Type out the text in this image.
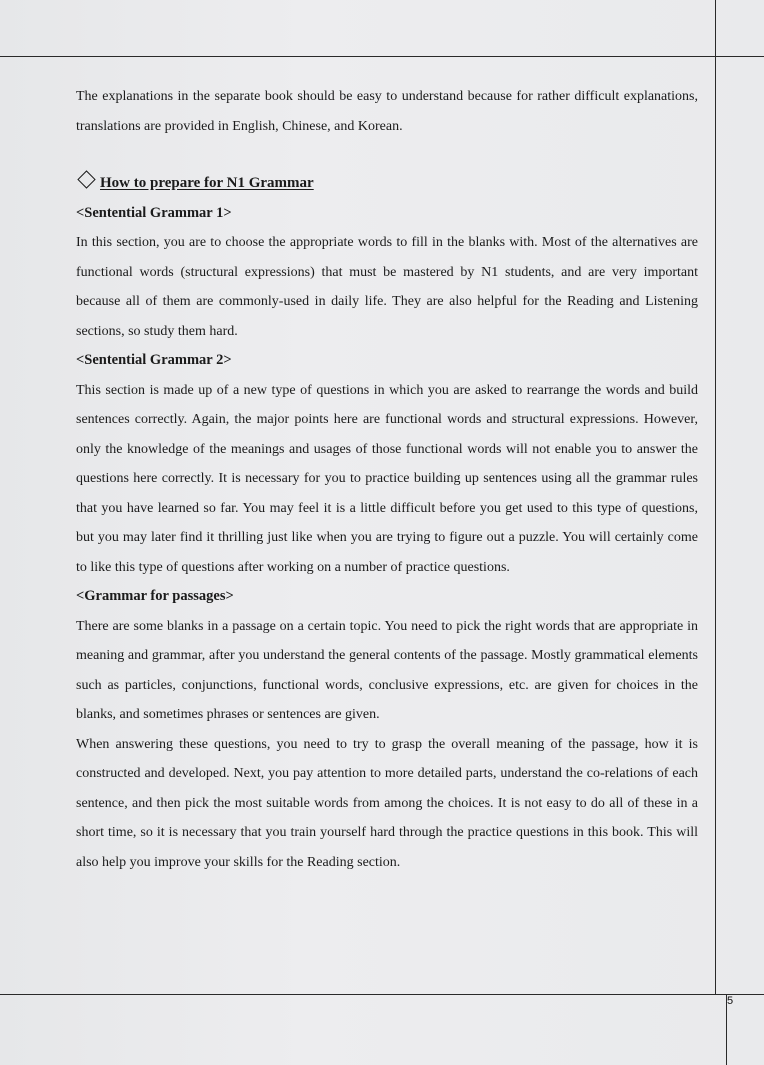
5

The explanations in the separate book should be easy to understand because for rather difficult explanations, translations are provided in English, Chinese, and Korean.

How to prepare for N1 Grammar
<Sentential Grammar 1>

In this section, you are to choose the appropriate words to fill in the blanks with. Most of the alternatives are functional words (structural expressions) that must be mastered by N1 students, and are very important because all of them are commonly-used in daily life. They are also helpful for the Reading and Listening sections, so study them hard.

<Sentential Grammar 2>

This section is made up of a new type of questions in which you are asked to rearrange the words and build sentences correctly. Again, the major points here are functional words and structural expressions. However, only the knowledge of the meanings and usages of those functional words will not enable you to answer the questions here correctly. It is necessary for you to practice building up sentences using all the grammar rules that you have learned so far. You may feel it is a little difficult before you get used to this type of questions, but you may later find it thrilling just like when you are trying to figure out a puzzle. You will certainly come to like this type of questions after working on a number of practice questions.

<Grammar for passages>

There are some blanks in a passage on a certain topic. You need to pick the right words that are appropriate in meaning and grammar, after you understand the general contents of the passage. Mostly grammatical elements such as particles, conjunctions, functional words, conclusive expressions, etc. are given for choices in the blanks, and sometimes phrases or sentences are given.

When answering these questions, you need to try to grasp the overall meaning of the passage, how it is constructed and developed. Next, you pay attention to more detailed parts, understand the co-relations of each sentence, and then pick the most suitable words from among the choices. It is not easy to do all of these in a short time, so it is necessary that you train yourself hard through the practice questions in this book. This will also help you improve your skills for the Reading section.
